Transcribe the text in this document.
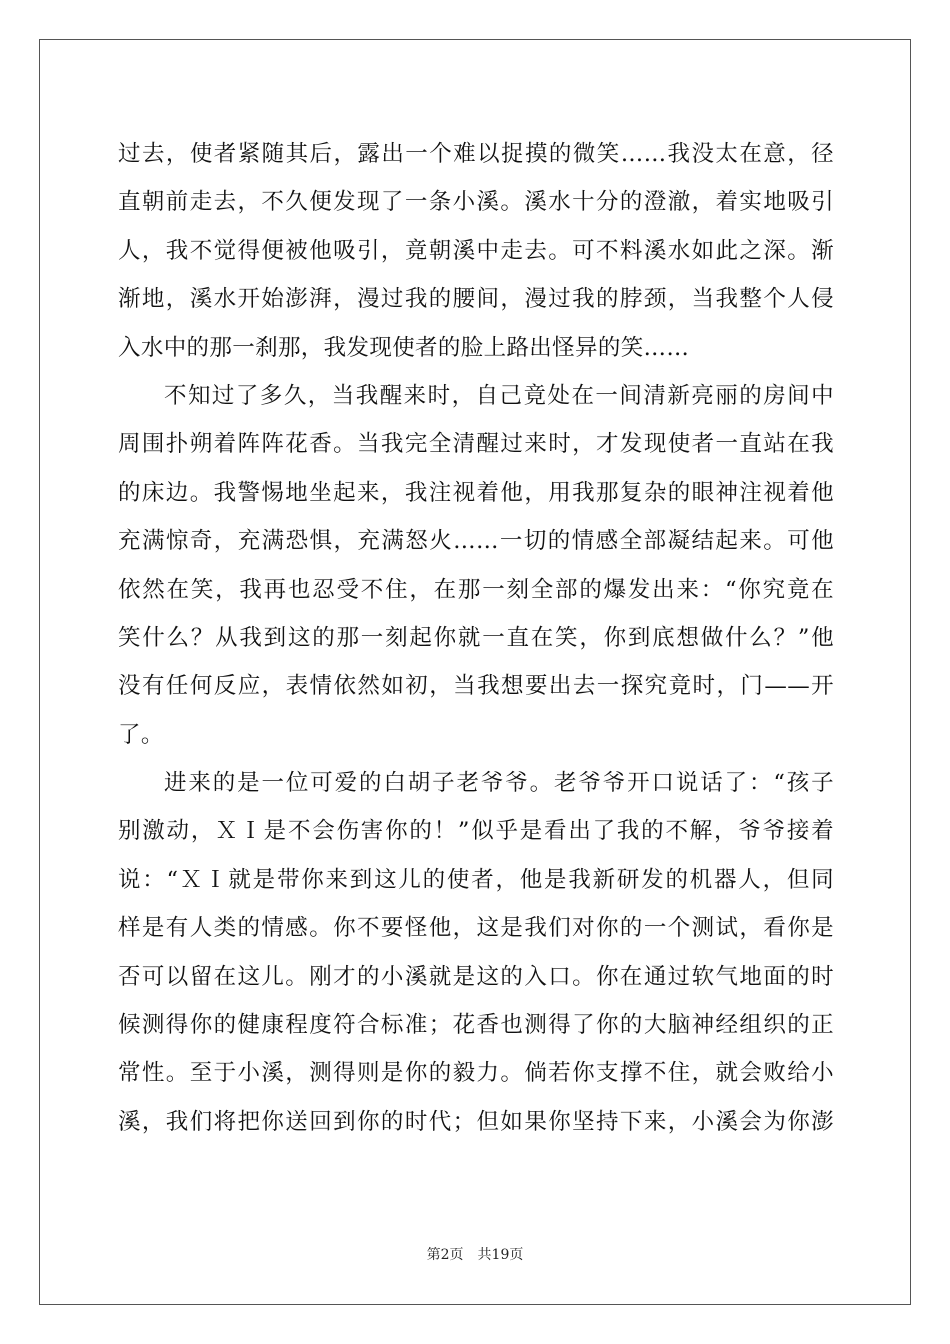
过去，使者紧随其后，露出一个难以捉摸的微笑……我没太在意，径
直朝前走去，不久便发现了一条小溪。溪水十分的澄澈，着实地吸引
人，我不觉得便被他吸引，竟朝溪中走去。可不料溪水如此之深。渐
渐地，溪水开始澎湃，漫过我的腰间，漫过我的脖颈，当我整个人侵
入水中的那一刹那，我发现使者的脸上路出怪异的笑……
不知过了多久，当我醒来时，自己竟处在一间清新亮丽的房间中
周围扑朔着阵阵花香。当我完全清醒过来时，才发现使者一直站在我
的床边。我警惕地坐起来，我注视着他，用我那复杂的眼神注视着他
充满惊奇，充满恐惧，充满怒火……一切的情感全部凝结起来。可他
依然在笑，我再也忍受不住，在那一刻全部的爆发出来：“你究竟在
笑什么？从我到这的那一刻起你就一直在笑，你到底想做什么？”他
没有任何反应，表情依然如初，当我想要出去一探究竟时，门——开
了。
进来的是一位可爱的白胡子老爷爷。老爷爷开口说话了：“孩子
别激动，ＸＩ是不会伤害你的！”似乎是看出了我的不解，爷爷接着
说：“ＸＩ就是带你来到这儿的使者，他是我新研发的机器人，但同
样是有人类的情感。你不要怪他，这是我们对你的一个测试，看你是
否可以留在这儿。刚才的小溪就是这的入口。你在通过软气地面的时
候测得你的健康程度符合标准；花香也测得了你的大脑神经组织的正
常性。至于小溪，测得则是你的毅力。倘若你支撑不住，就会败给小
溪，我们将把你送回到你的时代；但如果你坚持下来，小溪会为你澎
第2页 共19页
